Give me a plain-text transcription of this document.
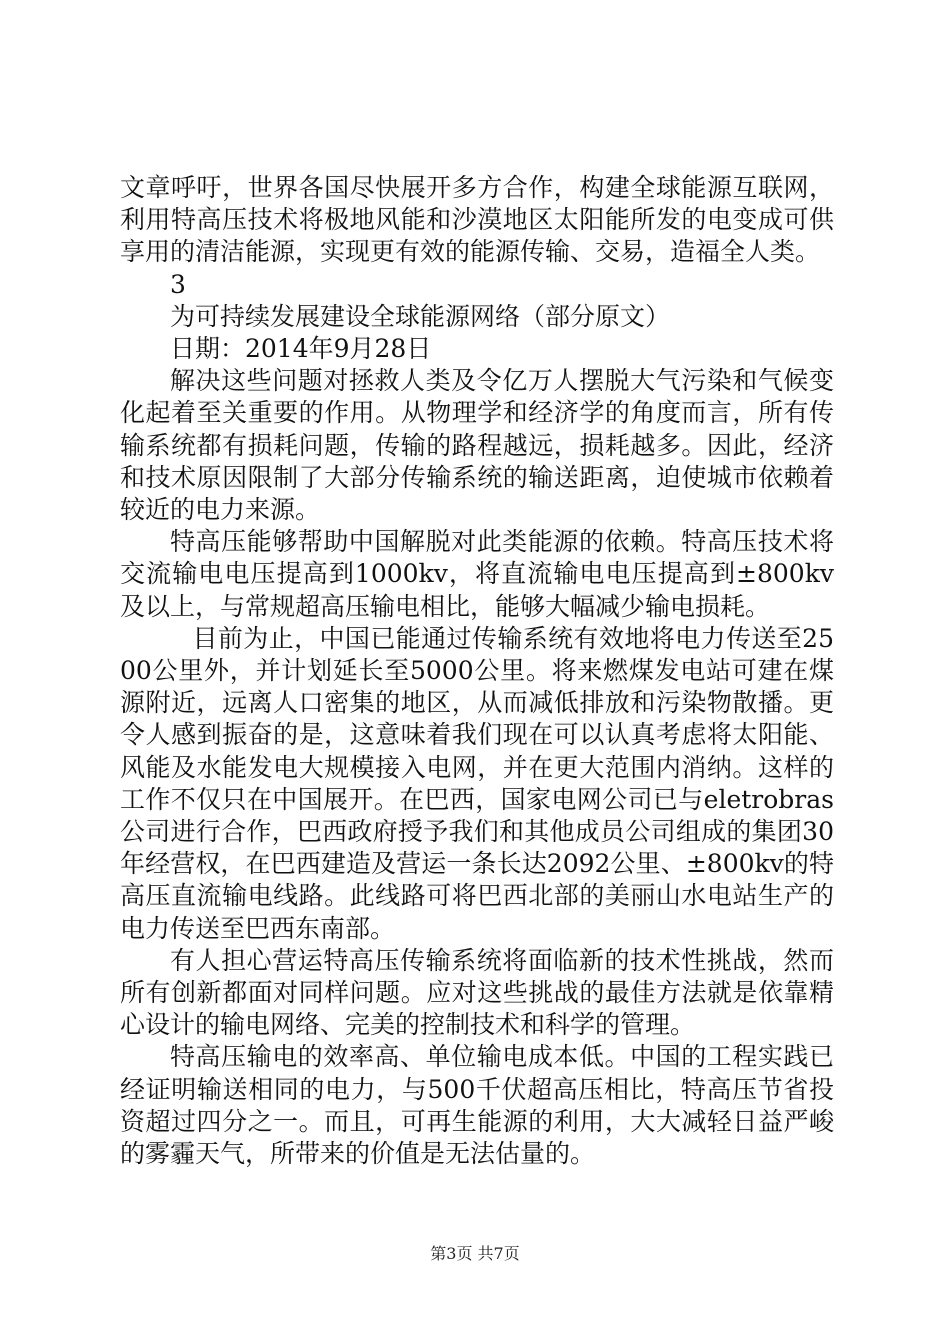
文章呼吁，世界各国尽快展开多方合作，构建全球能源互联网，利用特高压技术将极地风能和沙漠地区太阳能所发的电变成可供享用的清洁能源，实现更有效的能源传输、交易，造福全人类。

3

为可持续发展建设全球能源网络（部分原文）

日期：2014年9月28日

解决这些问题对拯救人类及令亿万人摆脱大气污染和气候变化起着至关重要的作用。从物理学和经济学的角度而言，所有传输系统都有损耗问题，传输的路程越远，损耗越多。因此，经济和技术原因限制了大部分传输系统的输送距离，迫使城市依赖着较近的电力来源。

特高压能够帮助中国解脱对此类能源的依赖。特高压技术将交流输电电压提高到1000kv，将直流输电电压提高到±800kv及以上，与常规超高压输电相比，能够大幅减少输电损耗。

目前为止，中国已能通过传输系统有效地将电力传送至2500公里外，并计划延长至5000公里。将来燃煤发电站可建在煤源附近，远离人口密集的地区，从而减低排放和污染物散播。更令人感到振奋的是，这意味着我们现在可以认真考虑将太阳能、风能及水能发电大规模接入电网，并在更大范围内消纳。这样的工作不仅只在中国展开。在巴西，国家电网公司已与eletrobras公司进行合作，巴西政府授予我们和其他成员公司组成的集团30年经营权，在巴西建造及营运一条长达2092公里、±800kv的特高压直流输电线路。此线路可将巴西北部的美丽山水电站生产的电力传送至巴西东南部。

有人担心营运特高压传输系统将面临新的技术性挑战，然而所有创新都面对同样问题。应对这些挑战的最佳方法就是依靠精心设计的输电网络、完美的控制技术和科学的管理。

特高压输电的效率高、单位输电成本低。中国的工程实践已经证明输送相同的电力，与500千伏超高压相比，特高压节省投资超过四分之一。而且，可再生能源的利用，大大减轻日益严峻的雾霾天气，所带来的价值是无法估量的。

第3页 共7页
